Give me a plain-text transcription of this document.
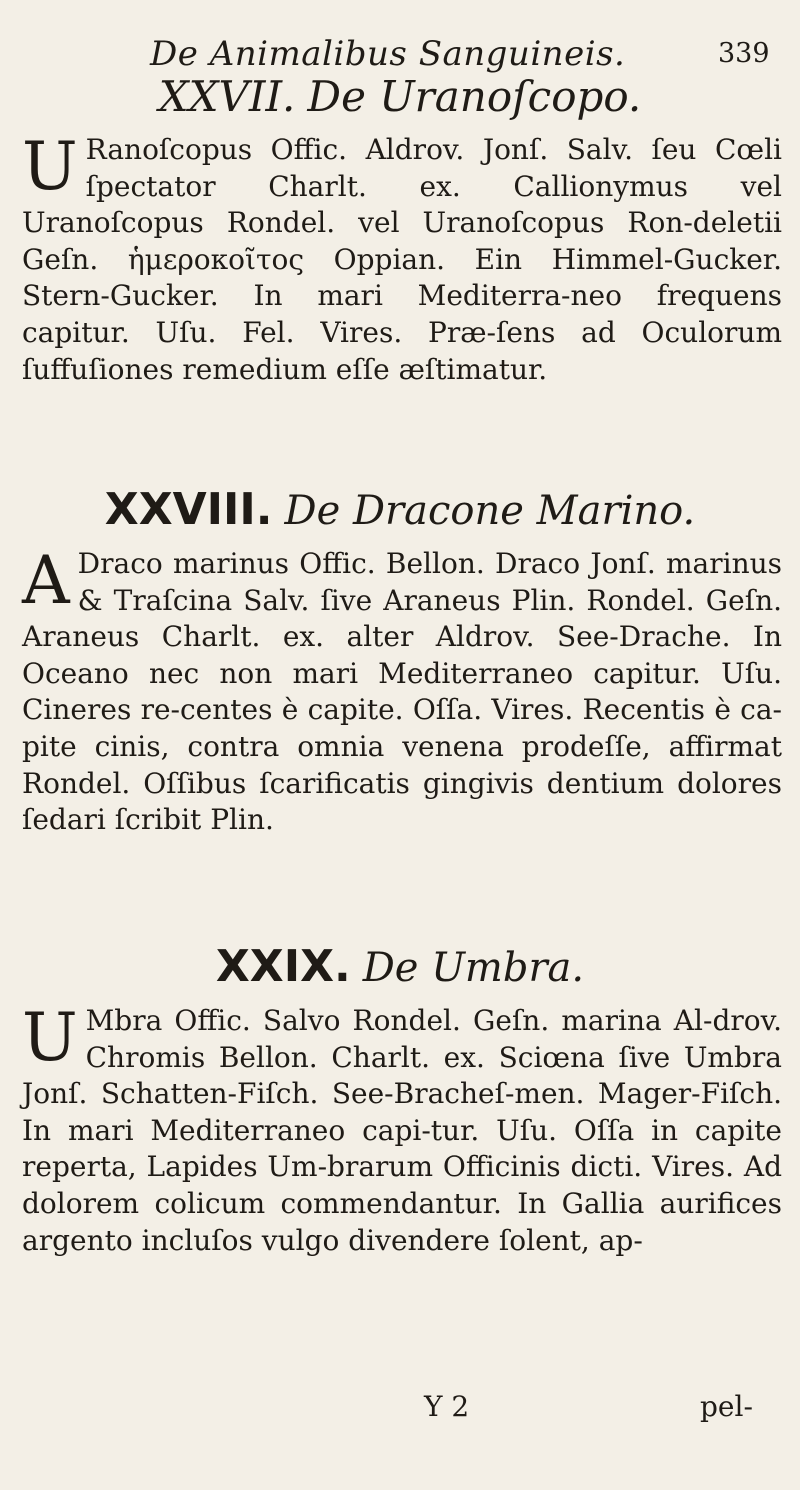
De Animalibus Sanguineis.	339
XXVII. De Uranoſcopo.

U Ranoſcopus Offic. Aldrov. Jonſ. Salv. ſeu Cœli ſpectator Charlt. ex. Callionymus vel Uranoſcopus Rondel. vel Uranoſcopus Ron-deletii Geſn. ἡμεροκοῖτος Oppian. Ein Himmel-Gucker. Stern-Gucker. In mari Mediterra-neo frequens capitur. Uſu. Fel. Vires. Præ-ſens ad Oculorum ſuffuſiones remedium eſſe æſtimatur.

XXVIII. De Dracone Marino.

A Draco marinus Offic. Bellon. Draco Jonſ. marinus & Traſcina Salv. ſive Araneus Plin. Rondel. Geſn. Araneus Charlt. ex. alter Aldrov. See-Drache. In Oceano nec non mari Mediterraneo capitur. Uſu. Cineres re-centes è capite. Oſſa. Vires. Recentis è ca-pite cinis, contra omnia venena prodeſſe, affirmat Rondel. Oſſibus ſcarificatis gingivis dentium dolores ſedari ſcribit Plin.

XXIX. De Umbra.

U Mbra Offic. Salvo Rondel. Geſn. marina Al-drov. Chromis Bellon. Charlt. ex. Sciœna ſive Umbra Jonſ. Schatten-Fiſch. See-Bracheſ-men. Mager-Fiſch. In mari Mediterraneo capi-tur. Uſu. Oſſa in capite reperta, Lapides Um-brarum Officinis dicti. Vires. Ad dolorem colicum commendantur. In Gallia aurifices argento incluſos vulgo divendere ſolent, ap-

Y 2	pel-
